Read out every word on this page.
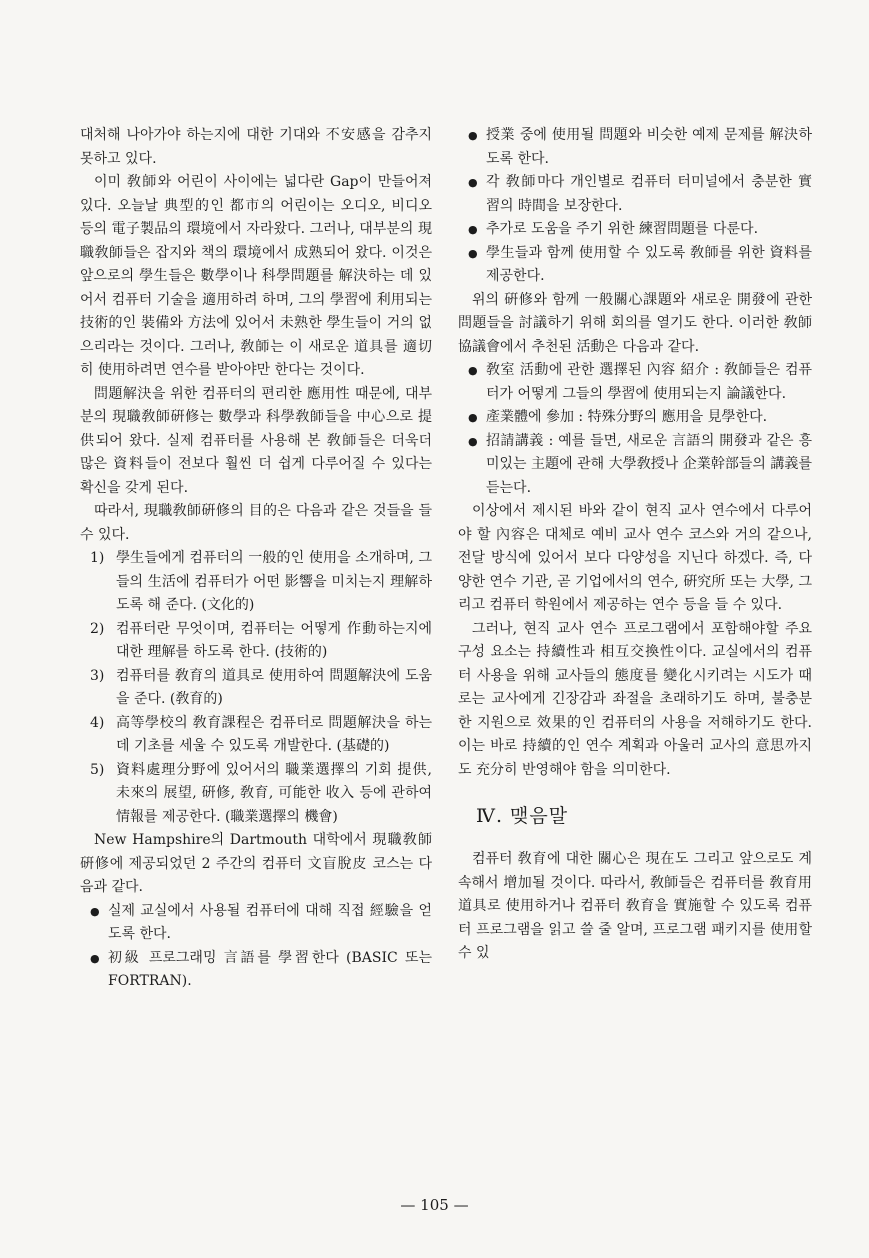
대처해 나아가야 하는지에 대한 기대와 不安感을 감추지 못하고 있다.

이미 敎師와 어린이 사이에는 넓다란 Gap이 만들어져 있다. 오늘날 典型的인 都市의 어린이는 오디오, 비디오 등의 電子製品의 環境에서 자라왔다. 그러나, 대부분의 現職敎師들은 잡지와 책의 環境에서 成熟되어 왔다. 이것은 앞으로의 學生들은 數學이나 科學問題를 解決하는 데 있어서 컴퓨터 기술을 適用하려 하며, 그의 學習에 利用되는 技術的인 裝備와 方法에 있어서 未熟한 學生들이 거의 없으리라는 것이다. 그러나, 敎師는 이 새로운 道具를 適切히 使用하려면 연수를 받아야만 한다는 것이다.

問題解決을 위한 컴퓨터의 편리한 應用性 때문에, 대부분의 現職敎師硏修는 數學과 科學敎師들을 中心으로 提供되어 왔다. 실제 컴퓨터를 사용해 본 敎師들은 더욱더 많은 資料들이 전보다 훨씬 더 쉽게 다루어질 수 있다는 확신을 갖게 된다.

따라서, 現職敎師硏修의 目的은 다음과 같은 것들을 들 수 있다.

1) 學生들에게 컴퓨터의 一般的인 使用을 소개하며, 그들의 生活에 컴퓨터가 어떤 影響을 미치는지 理解하도록 해 준다. (文化的)
2) 컴퓨터란 무엇이며, 컴퓨터는 어떻게 作動하는지에 대한 理解를 하도록 한다. (技術的)
3) 컴퓨터를 敎育의 道具로 使用하여 問題解決에 도움을 준다. (敎育的)
4) 高等學校의 敎育課程은 컴퓨터로 問題解決을 하는 데 기초를 세울 수 있도록 개발한다. (基礎的)
5) 資料處理分野에 있어서의 職業選擇의 기회 提供, 未來의 展望, 硏修, 敎育, 可能한 收入 등에 관하여 情報를 제공한다. (職業選擇의 機會)

New Hampshire의 Dartmouth 대학에서 現職敎師硏修에 제공되었던 2 주간의 컴퓨터 文盲脫皮 코스는 다음과 같다.

● 실제 교실에서 사용될 컴퓨터에 대해 직접 經驗을 얻도록 한다.
● 初級 프로그래밍 言語를 學習한다 (BASIC 또는 FORTRAN).
● 授業 중에 使用될 問題와 비슷한 예제 문제를 解決하도록 한다.
● 각 敎師마다 개인별로 컴퓨터 터미널에서 충분한 實習의 時間을 보장한다.
● 추가로 도움을 주기 위한 練習問題를 다룬다.
● 學生들과 함께 使用할 수 있도록 敎師를 위한 資料를 제공한다.

위의 硏修와 함께 一般關心課題와 새로운 開發에 관한 問題들을 討議하기 위해 회의를 열기도 한다. 이러한 敎師協議會에서 추천된 活動은 다음과 같다.

● 敎室 活動에 관한 選擇된 內容 紹介 : 敎師들은 컴퓨터가 어떻게 그들의 學習에 使用되는지 論議한다.
● 產業體에 參加 : 特殊分野의 應用을 見學한다.
● 招請講義 : 예를 들면, 새로운 言語의 開發과 같은 흥미있는 主題에 관해 大學敎授나 企業幹部들의 講義를 듣는다.

이상에서 제시된 바와 같이 현직 교사 연수에서 다루어야 할 內容은 대체로 예비 교사 연수 코스와 거의 같으나, 전달 방식에 있어서 보다 다양성을 지닌다 하겠다. 즉, 다양한 연수 기관, 곧 기업에서의 연수, 硏究所 또는 大學, 그리고 컴퓨터 학원에서 제공하는 연수 등을 들 수 있다.

그러나, 현직 교사 연수 프로그램에서 포함해야할 주요 구성 요소는 持續性과 相互交換性이다. 교실에서의 컴퓨터 사용을 위해 교사들의 態度를 變化시키려는 시도가 때로는 교사에게 긴장감과 좌절을 초래하기도 하며, 불충분한 지원으로 效果的인 컴퓨터의 사용을 저해하기도 한다. 이는 바로 持續的인 연수 계획과 아울러 교사의 意思까지도 充分히 반영해야 함을 의미한다.

Ⅳ. 맺음말

컴퓨터 敎育에 대한 關心은 現在도 그리고 앞으로도 계속해서 增加될 것이다. 따라서, 敎師들은 컴퓨터를 敎育用 道具로 使用하거나 컴퓨터 敎育을 實施할 수 있도록 컴퓨터 프로그램을 읽고 쓸 줄 알며, 프로그램 패키지를 使用할 수 있

— 105 —
